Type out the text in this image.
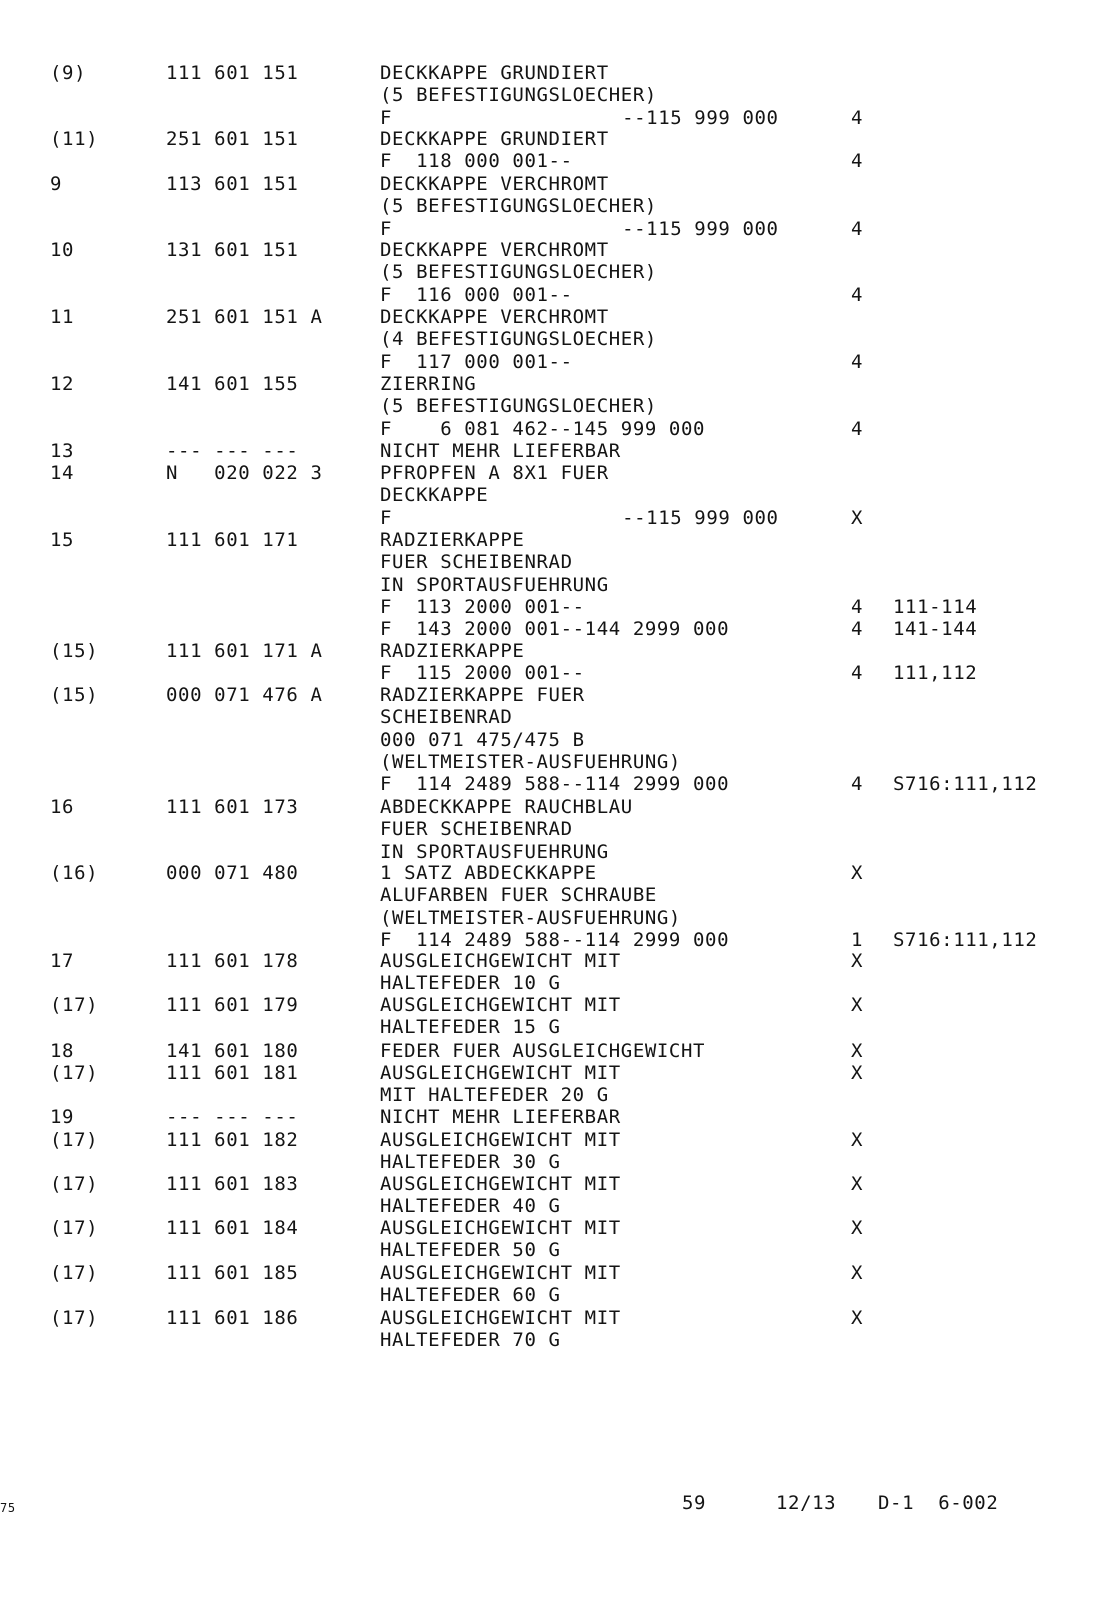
(9)	111 601 151	DECKKAPPE GRUNDIERT
(5 BEFESTIGUNGSLOECHER)
F	--115 999 000	4
(11)	251 601 151	DECKKAPPE GRUNDIERT
F  118 000 001--	4
9	113 601 151	DECKKAPPE VERCHROMT
(5 BEFESTIGUNGSLOECHER)
F	--115 999 000	4
10	131 601 151	DECKKAPPE VERCHROMT
(5 BEFESTIGUNGSLOECHER)
F  116 000 001--	4
11	251 601 151 A	DECKKAPPE VERCHROMT
(4 BEFESTIGUNGSLOECHER)
F  117 000 001--	4
12	141 601 155	ZIERRING
(5 BEFESTIGUNGSLOECHER)
F    6 081 462--145 999 000	4
13	--- --- ---	NICHT MEHR LIEFERBAR
14	N   020 022 3	PFROPFEN A 8X1 FUER
DECKKAPPE
F	--115 999 000	X
15	111 601 171	RADZIERKAPPE
FUER SCHEIBENRAD
IN SPORTAUSFUEHRUNG
F  113 2000 001--	4 111-114
F  143 2000 001--144 2999 000	4 141-144
(15)	111 601 171 A	RADZIERKAPPE
F  115 2000 001--	4 111,112
(15)	000 071 476 A	RADZIERKAPPE FUER
SCHEIBENRAD
000 071 475/475 B
(WELTMEISTER-AUSFUEHRUNG)
F  114 2489 588--114 2999 000	4 S716:111,112
16	111 601 173	ABDECKKAPPE RAUCHBLAU
FUER SCHEIBENRAD
IN SPORTAUSFUEHRUNG
(16)	000 071 480	1 SATZ ABDECKKAPPE	X
ALUFARBEN FUER SCHRAUBE
(WELTMEISTER-AUSFUEHRUNG)
F  114 2489 588--114 2999 000	1 S716:111,112
17	111 601 178	AUSGLEICHGEWICHT MIT	X
HALTEFEDER 10 G
(17)	111 601 179	AUSGLEICHGEWICHT MIT	X
HALTEFEDER 15 G
18	141 601 180	FEDER FUER AUSGLEICHGEWICHT	X
(17)	111 601 181	AUSGLEICHGEWICHT MIT	X
MIT HALTEFEDER 20 G
19	--- --- ---	NICHT MEHR LIEFERBAR
(17)	111 601 182	AUSGLEICHGEWICHT MIT	X
HALTEFEDER 30 G
(17)	111 601 183	AUSGLEICHGEWICHT MIT	X
HALTEFEDER 40 G
(17)	111 601 184	AUSGLEICHGEWICHT MIT	X
HALTEFEDER 50 G
(17)	111 601 185	AUSGLEICHGEWICHT MIT	X
HALTEFEDER 60 G
(17)	111 601 186	AUSGLEICHGEWICHT MIT	X
HALTEFEDER 70 G
75	59	12/13 D-1  6-002
